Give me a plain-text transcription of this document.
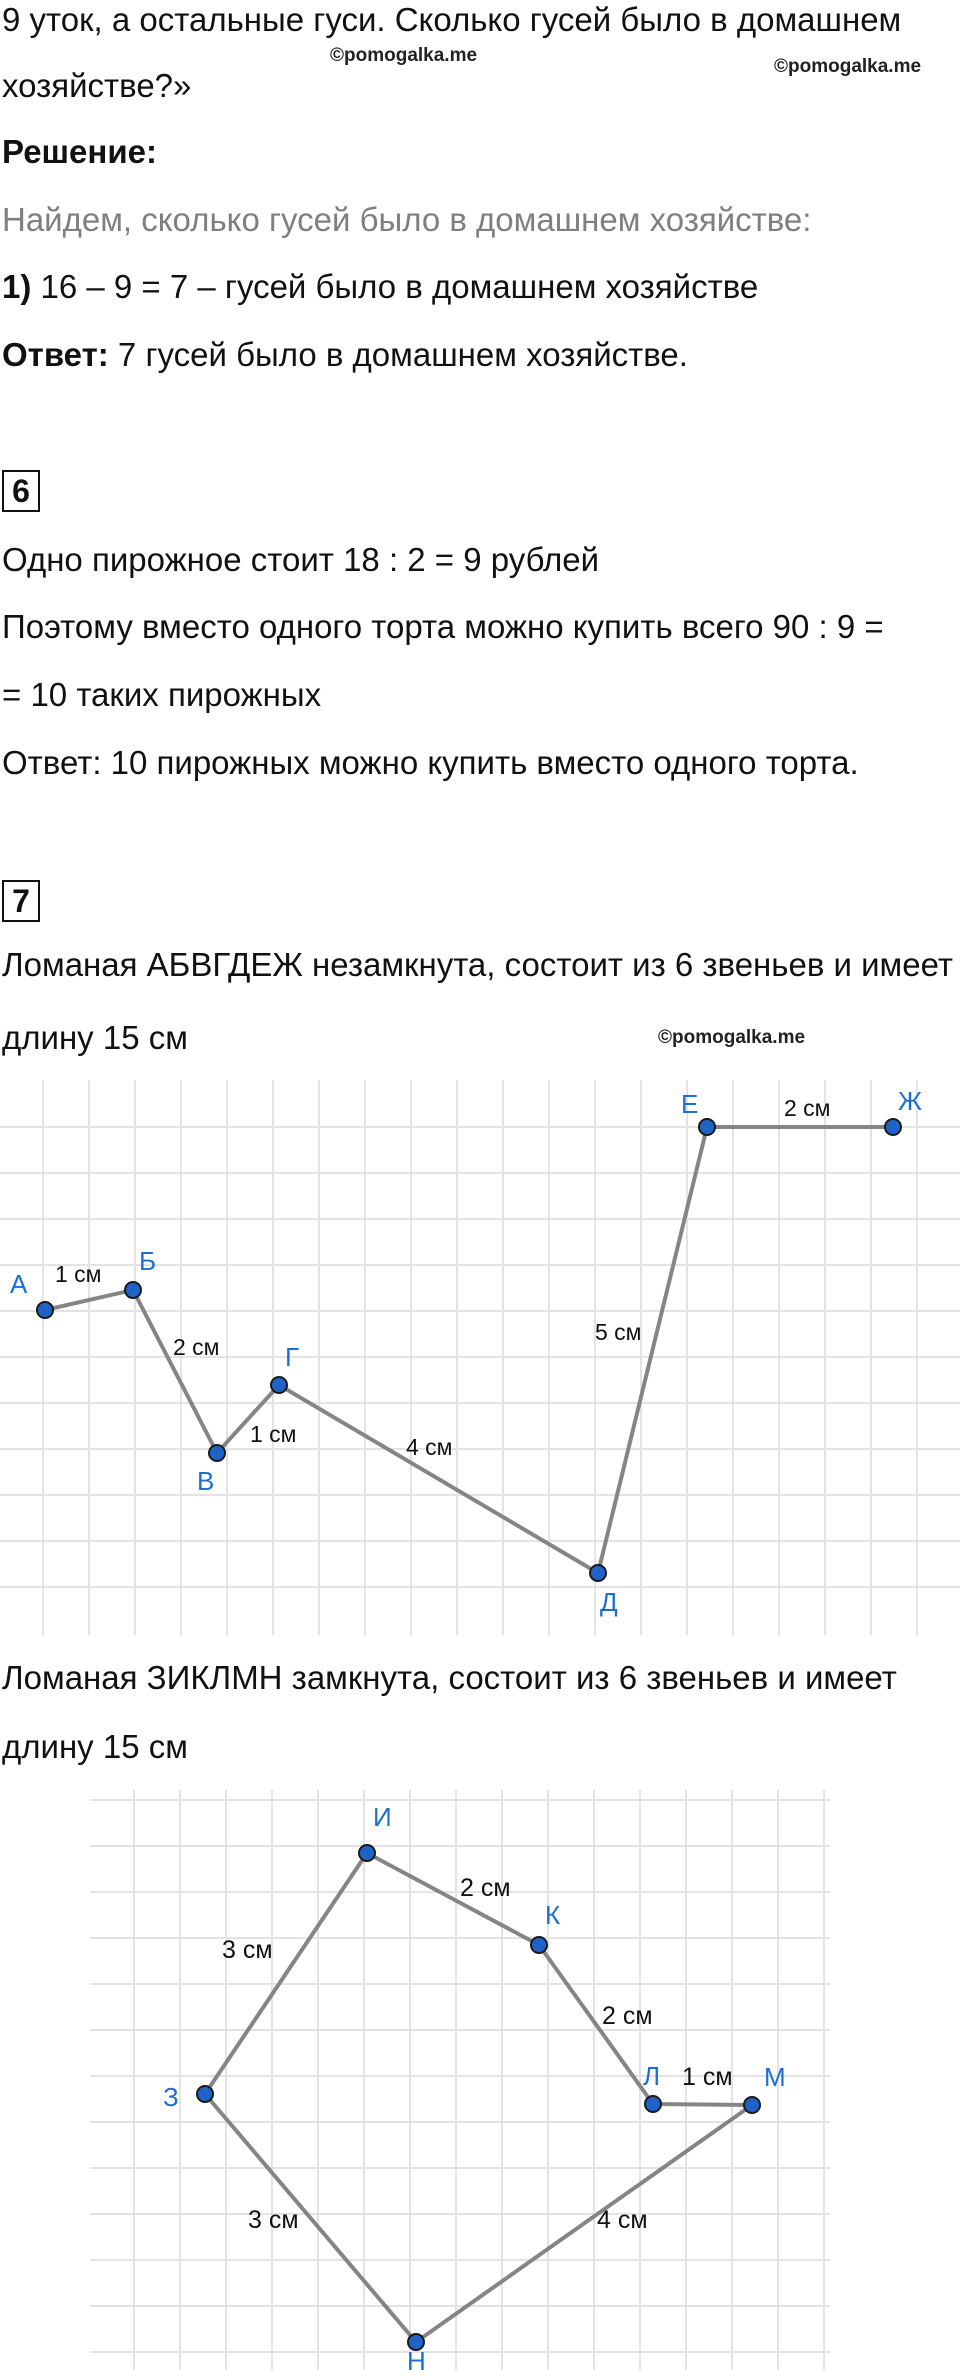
9 уток, а остальные гуси. Сколько гусей было в домашнем
©pomogalka.me
©pomogalka.me
хозяйстве?»
Решение:
Найдем, сколько гусей было в домашнем хозяйстве:
1) 16 – 9 = 7 – гусей было в домашнем хозяйстве
Ответ: 7 гусей было в домашнем хозяйстве.
6
Одно пирожное стоит 18 : 2 = 9 рублей
Поэтому вместо одного торта можно купить всего 90 : 9 =
= 10 таких пирожных
Ответ: 10 пирожных можно купить вместо одного торта.
7
Ломаная АБВГДЕЖ незамкнута, состоит из 6 звеньев и имеет
длину 15 см	©pomogalka.me
А
Б
В
Г
Д
Е	Ж
1 см
2 см
1 см	4 см
5 см
2 см
Ломаная ЗИКЛМН замкнута, состоит из 6 звеньев и имеет
длину 15 см
З
И
К
Л	М
Н
3 см
2 см
2 см
1 см
4 см
3 см
